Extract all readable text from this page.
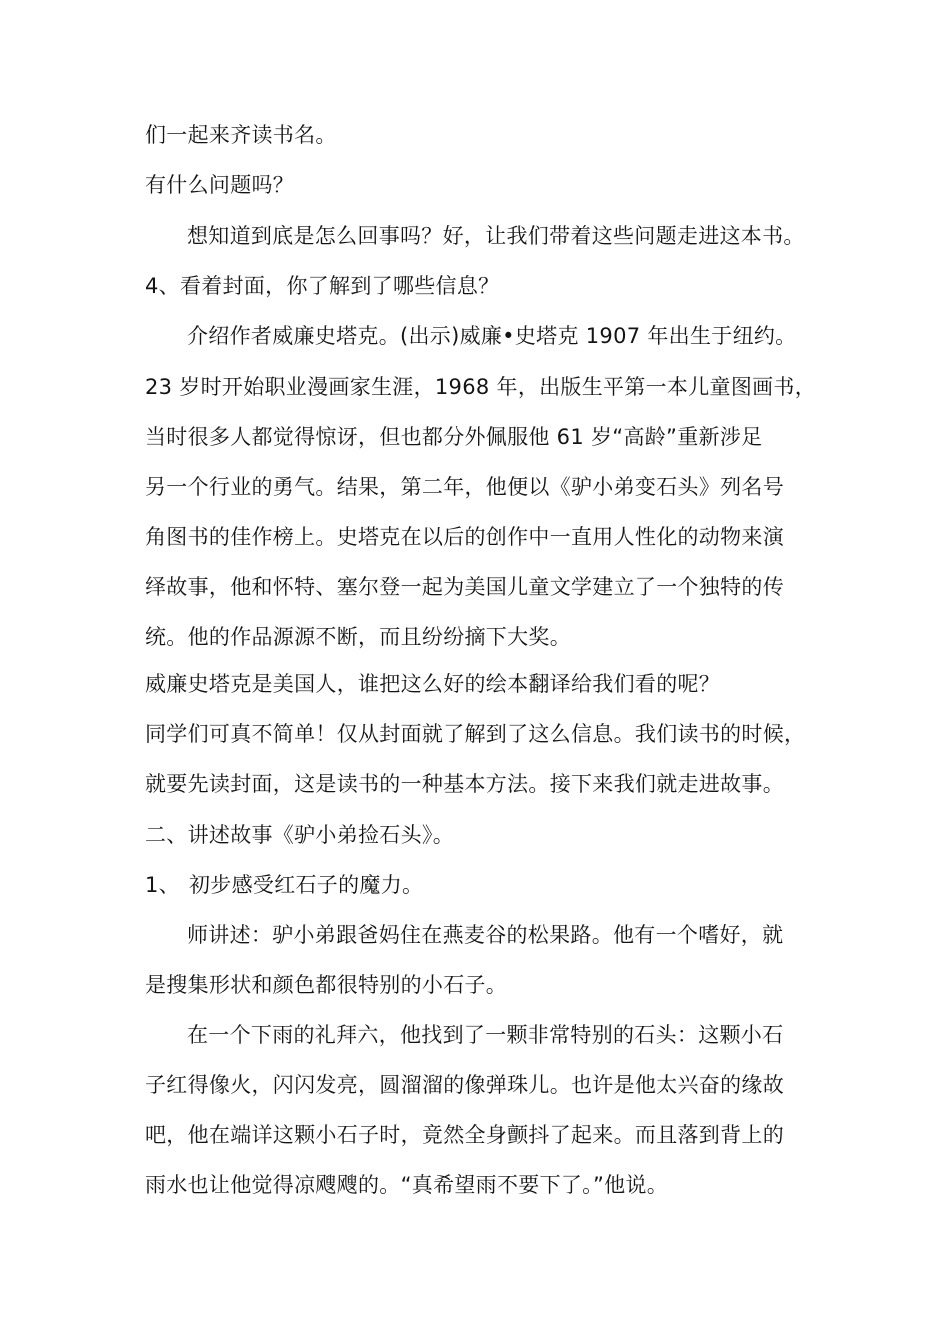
们一起来齐读书名。

有什么问题吗？

想知道到底是怎么回事吗？好，让我们带着这些问题走进这本书。

4、看着封面，你了解到了哪些信息？

介绍作者威廉史塔克。(出示)威廉•史塔克 1907 年出生于纽约。

23 岁时开始职业漫画家生涯，1968 年，出版生平第一本儿童图画书，

当时很多人都觉得惊讶，但也都分外佩服他 61 岁“高龄”重新涉足

另一个行业的勇气。结果，第二年，他便以《驴小弟变石头》列名号

角图书的佳作榜上。史塔克在以后的创作中一直用人性化的动物来演

绎故事，他和怀特、塞尔登一起为美国儿童文学建立了一个独特的传

统。他的作品源源不断，而且纷纷摘下大奖。

威廉史塔克是美国人，谁把这么好的绘本翻译给我们看的呢？

同学们可真不简单！仅从封面就了解到了这么信息。我们读书的时候，

就要先读封面，这是读书的一种基本方法。接下来我们就走进故事。

二、讲述故事《驴小弟捡石头》。

1、 初步感受红石子的魔力。

师讲述：驴小弟跟爸妈住在燕麦谷的松果路。他有一个嗜好，就

是搜集形状和颜色都很特别的小石子。

在一个下雨的礼拜六，他找到了一颗非常特别的石头：这颗小石

子红得像火，闪闪发亮，圆溜溜的像弹珠儿。也许是他太兴奋的缘故

吧，他在端详这颗小石子时，竟然全身颤抖了起来。而且落到背上的

雨水也让他觉得凉飕飕的。“真希望雨不要下了。”他说。
